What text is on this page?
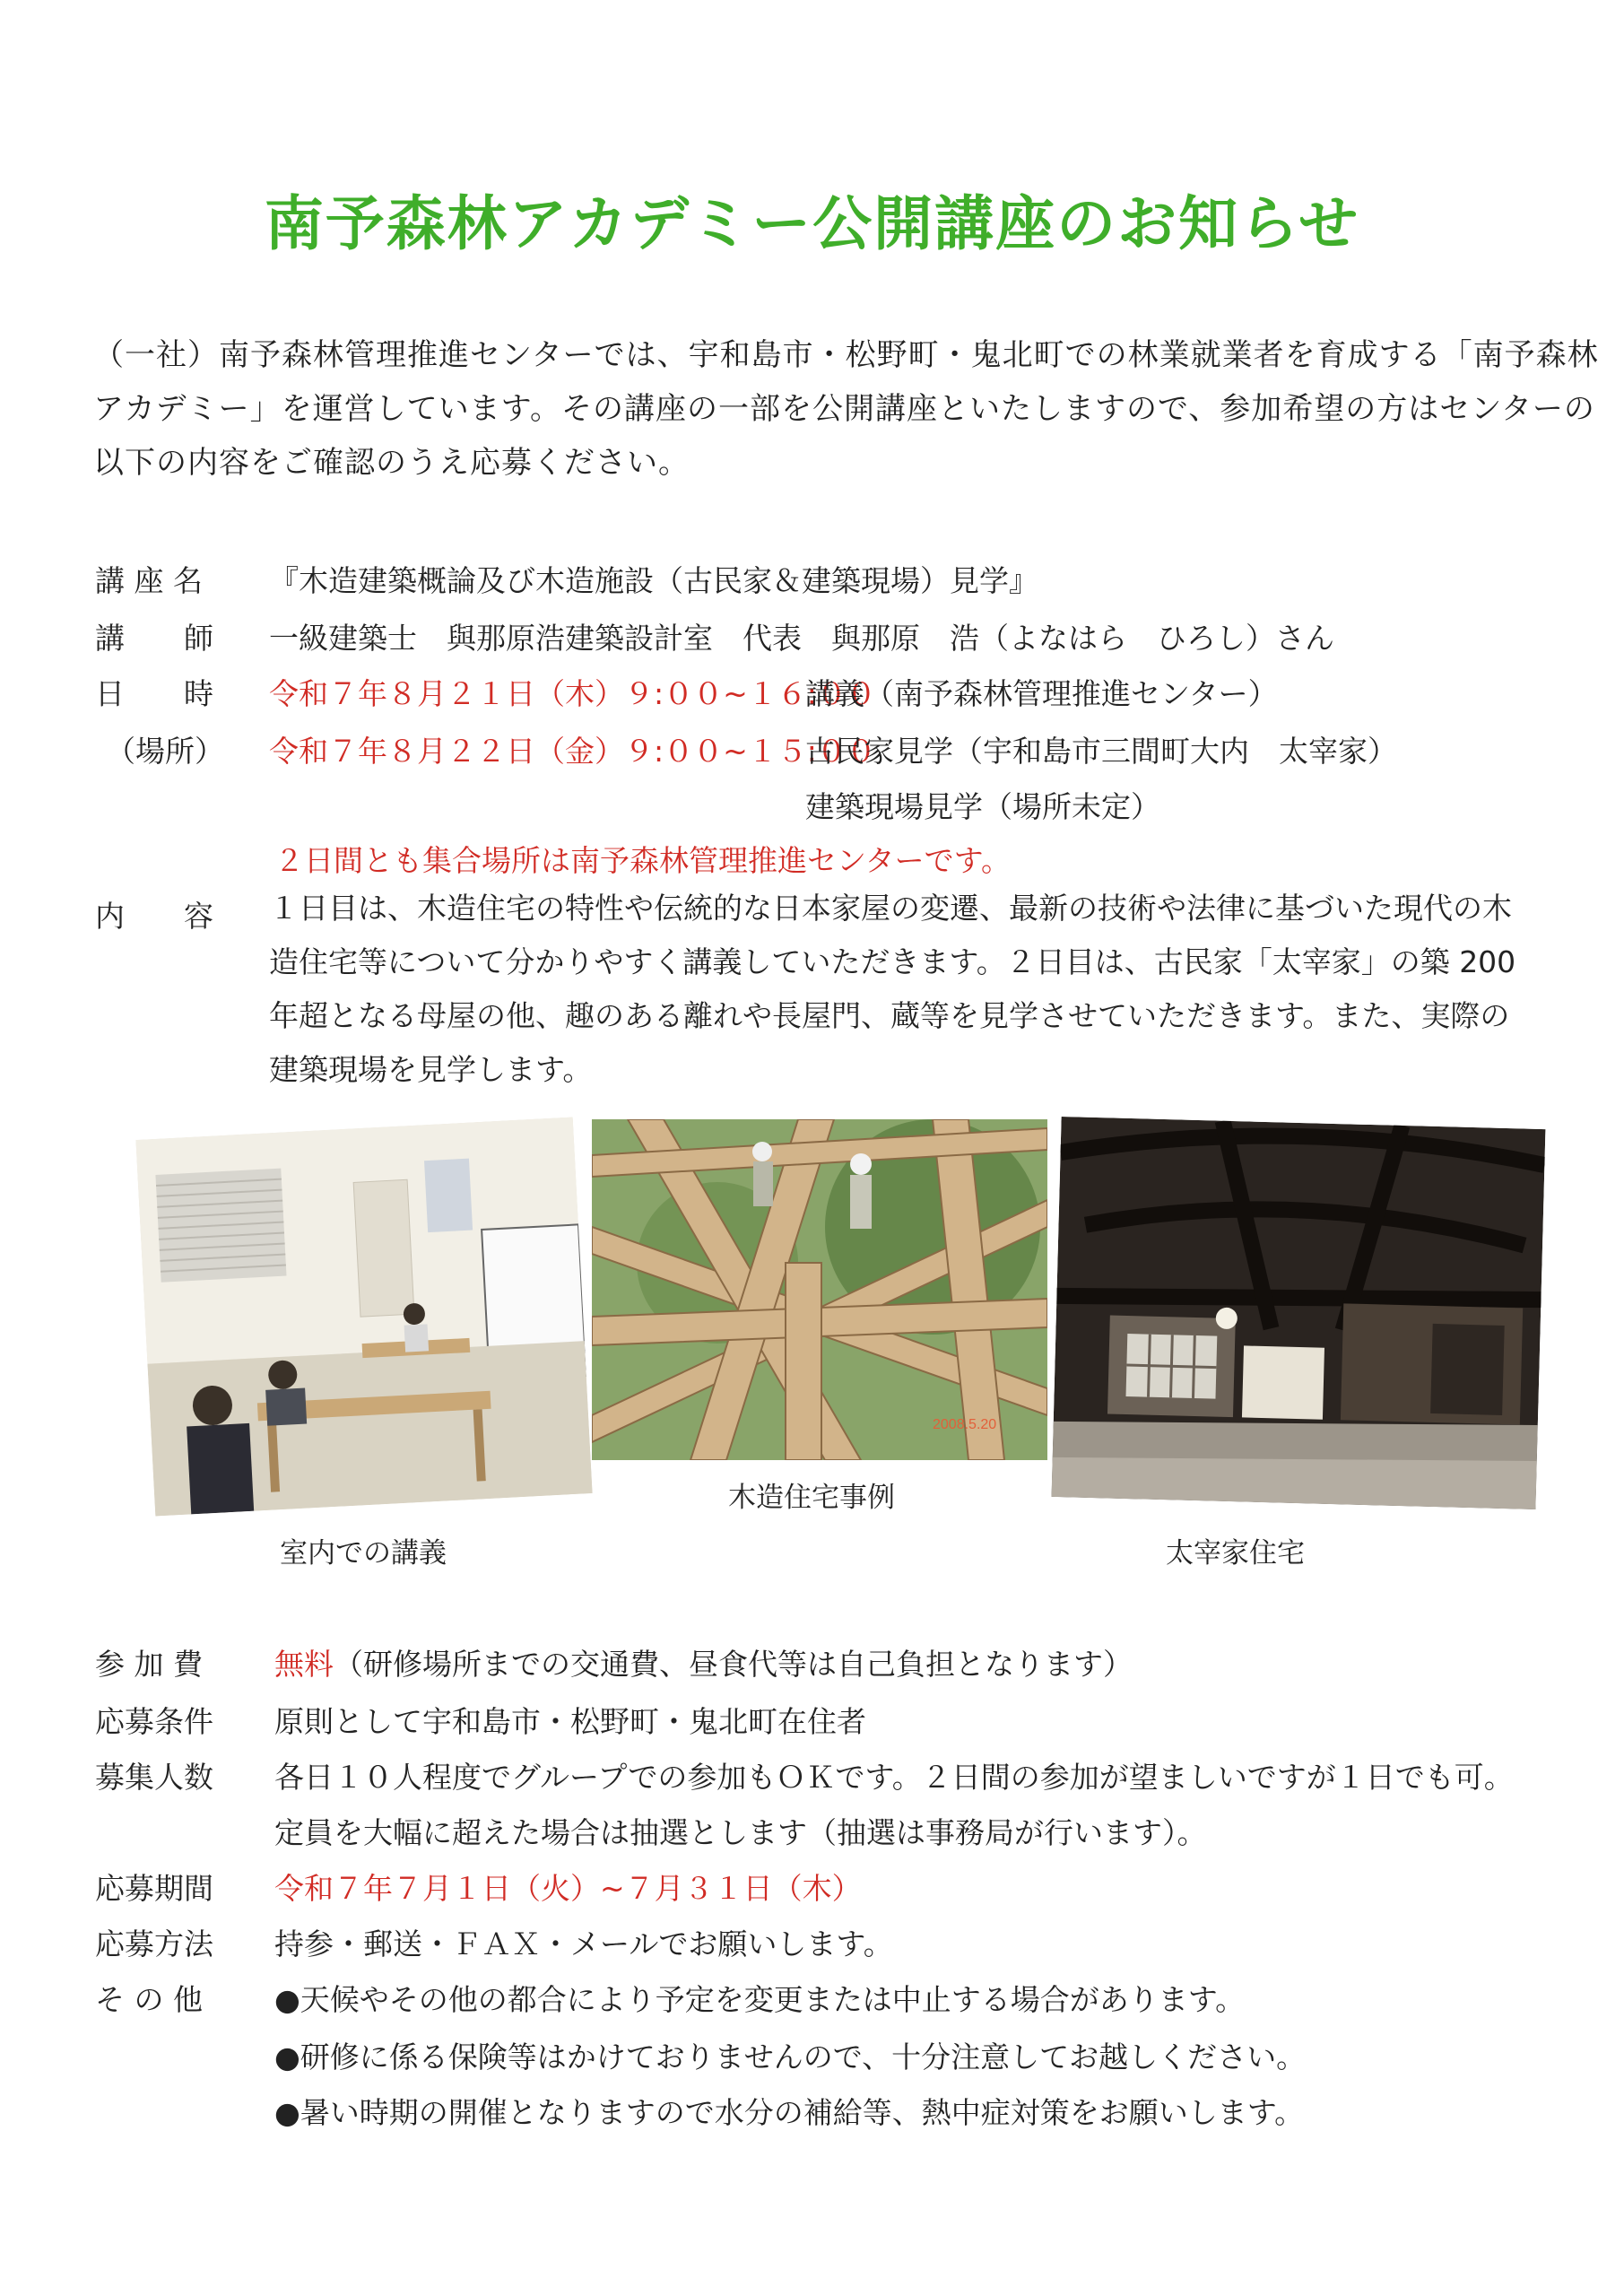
南予森林アカデミー公開講座のお知らせ

（一社）南予森林管理推進センターでは、宇和島市・松野町・鬼北町での林業就業者を育成する「南予森林

アカデミー」を運営しています。その講座の一部を公開講座といたしますので、参加希望の方はセンターの

以下の内容をご確認のうえ応募ください。

講 座 名 『木造建築概論及び木造施設（古民家＆建築現場）見学』
講　　師 一級建築士　與那原浩建築設計室　代表　與那原　浩（よなはら　ひろし）さん
日　　時 令和７年８月２１日（木）９:００~１６:００
講義（南予森林管理推進センター）
（場所） 令和７年８月２２日（金）９:００~１５:００
古民家見学（宇和島市三間町大内　太宰家）
建築現場見学（場所未定）
２日間とも集合場所は南予森林管理推進センターです。
内　　容 １日目は、木造住宅の特性や伝統的な日本家屋の変遷、最新の技術や法律に基づいた現代の木

造住宅等について分かりやすく講義していただきます。２日目は、古民家「太宰家」の築 200

年超となる母屋の他、趣のある離れや長屋門、蔵等を見学させていただきます。また、実際の

建築現場を見学します。

2008.5.20
木造住宅事例
室内での講義	太宰家住宅
参 加 費 無料（研修場所までの交通費、昼食代等は自己負担となります）
応募条件 原則として宇和島市・松野町・鬼北町在住者
募集人数 各日１０人程度でグループでの参加もＯＫです。２日間の参加が望ましいですが１日でも可。
定員を大幅に超えた場合は抽選とします（抽選は事務局が行います）。
応募期間 令和７年７月１日（火）~７月３１日（木）
応募方法 持参・郵送・ＦＡＸ・メールでお願いします。
そ の 他 ●天候やその他の都合により予定を変更または中止する場合があります。
●研修に係る保険等はかけておりませんので、十分注意してお越しください。
●暑い時期の開催となりますので水分の補給等、熱中症対策をお願いします。
